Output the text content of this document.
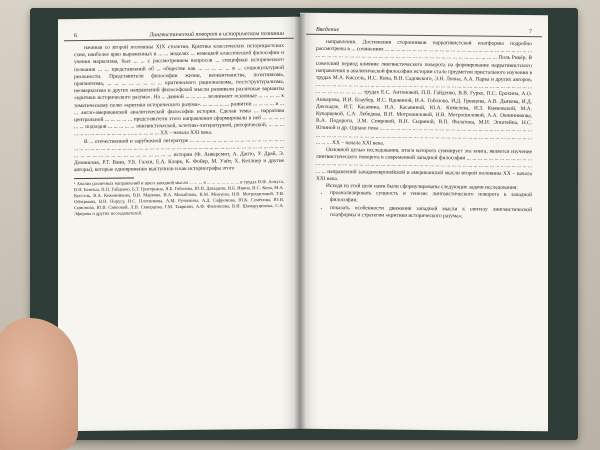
6	Лингвистический поворот в историческом познании

начиная со второй половины XIX столетия. Критика классических историцистских схем, наиболее ярко выраженных в ... ... моделях ... немецкой классической философии и учения марксизма, был ... ... с рассмотрением вопросов ... специфики исторического познания ... ... представлений об ... обществе как ... ... ... ... ... в ... социокультурной реальности. Представители философии жизни, неокантианства, позитивизма, прагматизма, ... ... ... ... ... ... ... ... критического рационализма, постструктурализма, неомарксизма и других направлений философской мысли развивали различные варианты «критики исторического разума». На ... данной ... ... ... ... возникают основные ... ... ... ... к тематическому полю «критики исторического разума». ... ... ... ... ... развитии ... ... ... ... и ... ... англо-американской аналитической философии истории. Сделав темы ... нарратива центральной ... ... ... ... ... представители этого направления сформировали в ней ... ... ... ... ... ... подходов ... ... ... ... ... лингвистической, эстетико-литературной, риторической, ... ... ... ... ... ... ... ... ... ... ... ... ... ... ... ... ... ... ... XX – начала XXI века.

В ... отечественной и зарубежной литературе ... ... ... ... ... ... ... ... ... ... ... ... ... ... ... ... ... ... ... ... ... ... ... ... ... ... ... ... ... ... ... ... ... ... ... ... ... ... ... ... ... ... ... ... ... ... ... ... ... ... ... ... ... ... ... ... ... ... ... ... ... ... ... ... ... ... ... ... ... ... ... ... истории (Ф. Анкерсмит, А. Данто, У. Драй, Э. Доманская, Р.Т. Ванн, У.Б. Галли, Е.А. Кларк, К. Фойер, М. Уайт, Х. Келлнер и другие авторы), которые одновременно выступили и как историографы этого

¹ Анализ различных направлений и школ западной мысли ... ... ... и ... ... ... ... ... ... ... в трудах В.Ф. Асмуса, В.Н. Бенеша, П.П. Гайденко, Б.Т. Григорьяна, Я.Б. Гобозова, Ю.Н. Давыдова, В.Б. Ивина, И.С. Кона, М.А. Киссель, В.А. Кожевникова, В.В. Маркова, И.А. Михайлова, В.М. Межуева, Н.В. Мотрошиловой, Т.И. Ойзермана, В.Н. Порусу, Н.С. Плотникова, А.М. Руткевича, А.Д. Сафронова, Ю.К. Семёнова, Ю.Н. Симонова, Ю.В. Синеокой, Л.В. Скворцова, Г.М. Тавризян, А.Ф. Филиппова, В.И. Шамаруцинова, С.А. Эфирова и других исследователей.

Введение	7

направления. Достижения сторонников нарративистской платформы подробно рассмотрены в ... сочинениях ... ... ... ... ... ... ... ... ... ... ... ... ... ... ... ... ... ... ... ... ... ... ... ... ... ... ... ... ... ... ... ... ... ... ... ... ... ... ... ... ... ... ... ... ... ... ... ... ... ... ... ... ... ... ... ... ... ... ... Поль Рикёр. В советский период влияние лингвистического поворота на формирование нарративистского направления в аналитической философии истории стало предметом пристального изучения в трудах М.А. Киссель, И.С. Кона, В.Н. Садовского, Э.Н. Лоона, А.А. Парка и других авторов, ... ... ... ... ... ... ... ... ... ... ... ... ... ... ... ... ... ... ... ... ... ... ... ... ... ... ... ... ... ... ... ... ... ... ... ... ... ... ... ... ... ... ... ... ... ... ... ... трудах Е.С. Антоновой, П.П. Гайденко, В.В. Гурко, П.С. Ерохина, А.О. Ашкерова, И.И. Блаубер, И.С. Вдовиной, И.А. Гобозова, И.Д. Гревцова, А.В. Дьякова, И.Д. Джохадзе, И.Т. Касавина, Н.А. Касавиной, Ю.А. Кимелева, И.З. Кияновской, М.А. Кукарцевой, С.А. Лебедева, В.Н. Мотрошиловой, Н.В. Мотрошиловой, А.А. Овчинникова, В.А. Подороги, Э.М. Спировой, В.Н. Сыриной, В.П. Филатова, М.Н. Эпштейна, Н.С. Юлиной и др. Однако пока ... ... ... ... ... ... ... ... ... ... ... ... ... ... ... ... ... ... ... ... ... ... ... ... ... ... ... ... ... ... ... ... ... ... ... ... ... ... ... ... ... ... ... ... ... ... ... ... ... ... ... ... ... ... ... ... ... ... ... ... ... ... ... ... ... ... ... ... ... ... ... XX – начала XXI века.

Основной целью исследования, итоги которого суммирует эта книга, является изучение лингвистического поворота в современной западной философии ... ... ... ... ... ... ... ... ... ... ... ... ... ... ... ... ... ... ... ... ... ... ... ... ... ... ... ... ... ... ... ... ... ... ... ... ... ... ... ... ... ... ... ... ... ... ... ... ... ... ... ... ... ... направлений западноевропейской и американской мысли второй половины XX – начала XXI века.

Исходя из этой цели нами были сформулированы следующие задачи исследования:

• проанализировать сущность и генезис лингвистического поворота в западной философии;
• показать особенности движения западной мысли к синтезу лингвистической платформы и стратегии «критики исторического разума»;
